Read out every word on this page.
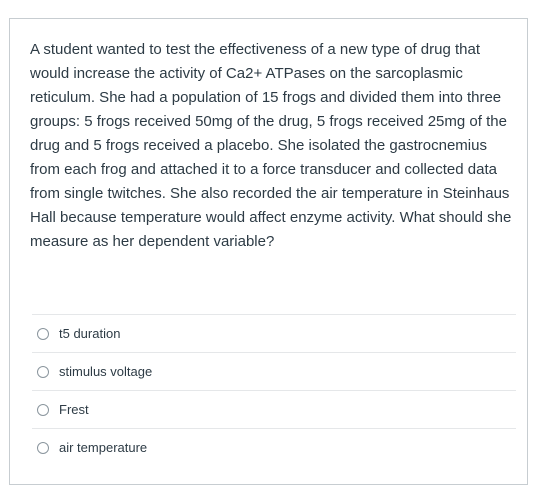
A student wanted to test the effectiveness of a new type of drug that would increase the activity of Ca2+ ATPases on the sarcoplasmic reticulum. She had a population of 15 frogs and divided them into three groups: 5 frogs received 50mg of the drug, 5 frogs received 25mg of the drug and 5 frogs received a placebo. She isolated the gastrocnemius from each frog and attached it to a force transducer and collected data from single twitches. She also recorded the air temperature in Steinhaus Hall because temperature would affect enzyme activity. What should she measure as her dependent variable?

t5 duration
stimulus voltage
Frest
air temperature
